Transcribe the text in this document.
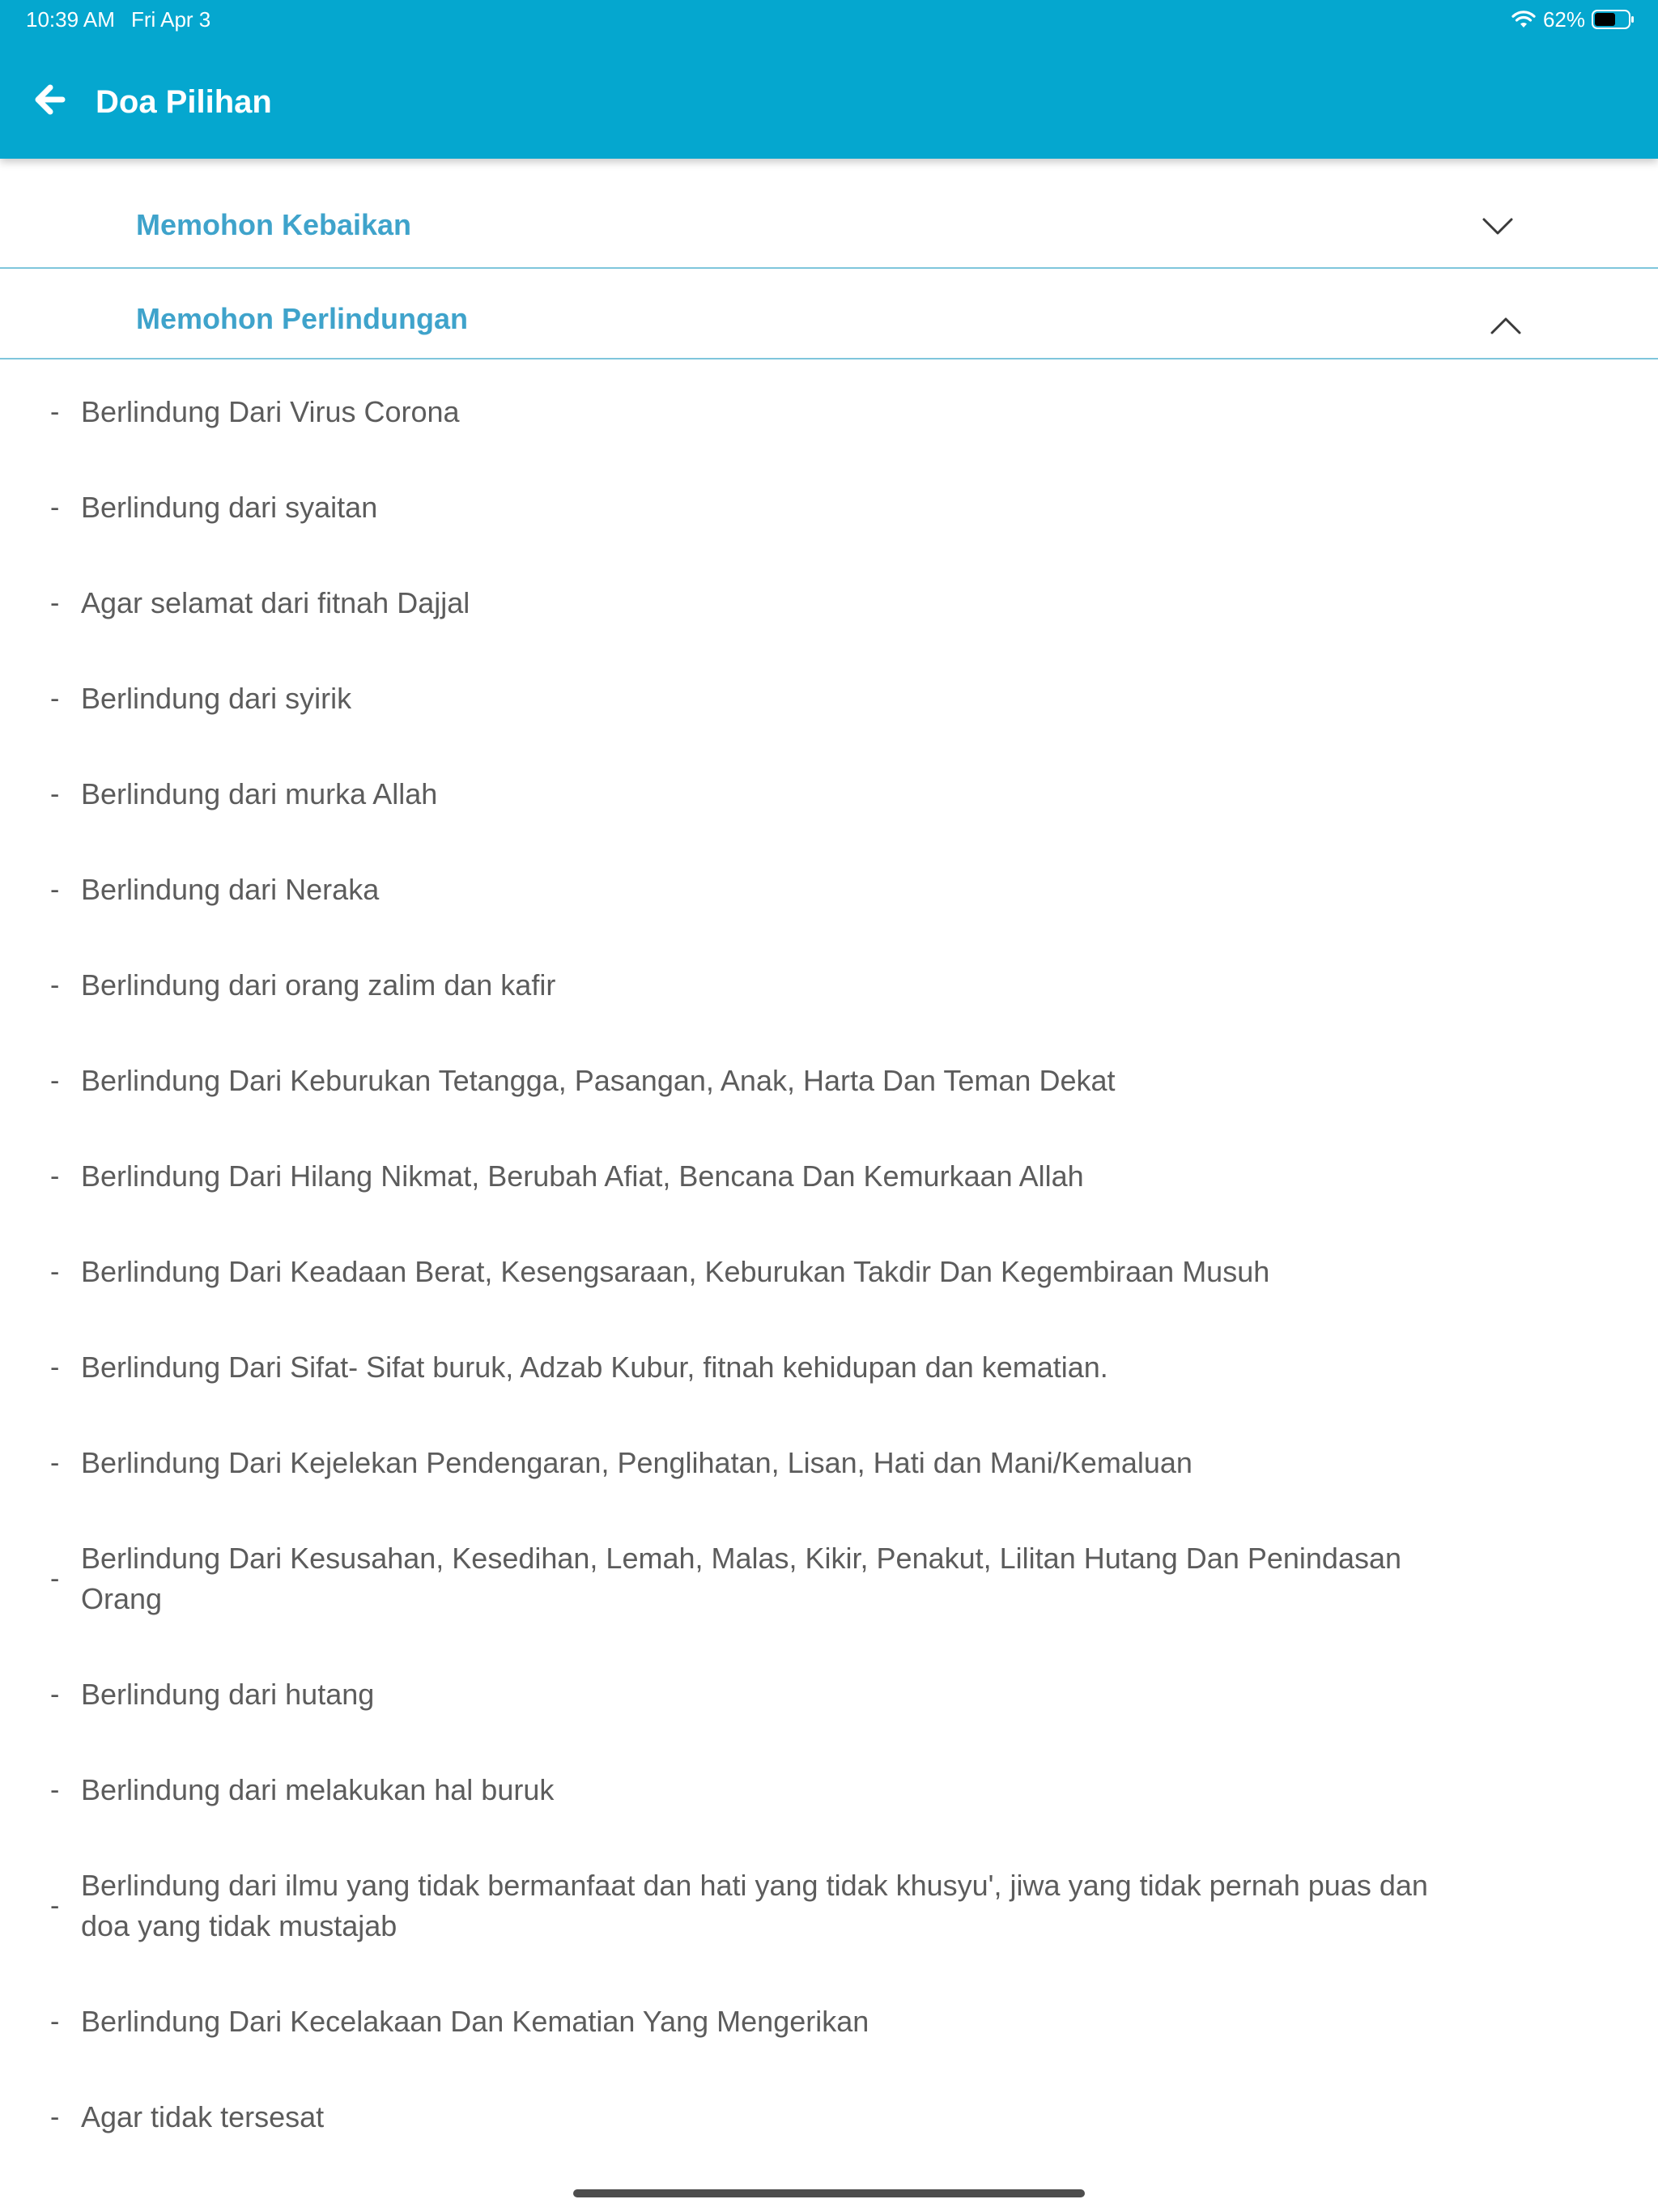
10:39 AM Fri Apr 3	62%
Doa Pilihan
Memohon Kebaikan
Memohon Perlindungan
- Berlindung Dari Virus Corona
- Berlindung dari syaitan
- Agar selamat dari fitnah Dajjal
- Berlindung dari syirik
- Berlindung dari murka Allah
- Berlindung dari Neraka
- Berlindung dari orang zalim dan kafir
- Berlindung Dari Keburukan Tetangga, Pasangan, Anak, Harta Dan Teman Dekat
- Berlindung Dari Hilang Nikmat, Berubah Afiat, Bencana Dan Kemurkaan Allah
- Berlindung Dari Keadaan Berat, Kesengsaraan, Keburukan Takdir Dan Kegembiraan Musuh
- Berlindung Dari Sifat- Sifat buruk, Adzab Kubur, fitnah kehidupan dan kematian.
- Berlindung Dari Kejelekan Pendengaran, Penglihatan, Lisan, Hati dan Mani/Kemaluan
-
Berlindung Dari Kesusahan, Kesedihan, Lemah, Malas, Kikir, Penakut, Lilitan Hutang Dan Penindasan Orang
- Berlindung dari hutang
- Berlindung dari melakukan hal buruk
-
Berlindung dari ilmu yang tidak bermanfaat dan hati yang tidak khusyu', jiwa yang tidak pernah puas dan doa yang tidak mustajab
- Berlindung Dari Kecelakaan Dan Kematian Yang Mengerikan
- Agar tidak tersesat
